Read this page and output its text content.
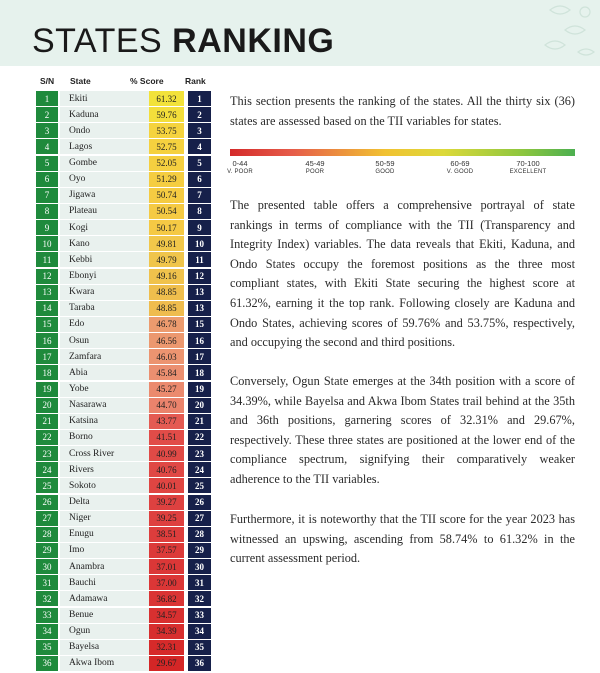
STATES RANKING
S/N State	% Score	Rank
1	Ekiti	61.32	1
2	Kaduna	59.76	2
3	Ondo	53.75	3
4	Lagos	52.75	4
5	Gombe	52.05	5
6	Oyo	51.29	6
7	Jigawa	50.74	7
8	Plateau	50.54	8
9	Kogi	50.17	9
10	Kano	49.81	10
11	Kebbi	49.79	11
12	Ebonyi	49.16	12
13	Kwara	48.85	13
14	Taraba	48.85	13
15	Edo	46.78	15
16	Osun	46.56	16
17	Zamfara	46.03	17
18	Abia	45.84	18
19	Yobe	45.27	19
20	Nasarawa	44.70	20
21	Katsina	43.77	21
22	Borno	41.51	22
23	Cross River	40.99	23
24	Rivers	40.76	24
25	Sokoto	40.01	25
26	Delta	39.27	26
27	Niger	39.25	27
28	Enugu	38.51	28
29	Imo	37.57	29
30	Anambra	37.01	30
31	Bauchi	37.00	31
32	Adamawa	36.82	32
33	Benue	34.57	33
34	Ogun	34.39	34
35	Bayelsa	32.31	35
36	Akwa Ibom	29.67	36
This section presents the ranking of the states. All the thirty six (36) states are assessed based on the TII variables for states.
0-44
V. POOR
45-49
POOR
50-59
GOOD
60-69
V. GOOD
70-100
EXCELLENT
The presented table offers a comprehensive portrayal of state rankings in terms of compliance with the TII (Transparency and Integrity Index) variables. The data reveals that Ekiti, Kaduna, and Ondo States occupy the foremost positions as the three most compliant states, with Ekiti State securing the highest score at 61.32%, earning it the top rank. Following closely are Kaduna and Ondo States, achieving scores of 59.76% and 53.75%, respectively, and occupying the second and third positions.
Conversely, Ogun State emerges at the 34th position with a score of 34.39%, while Bayelsa and Akwa Ibom States trail behind at the 35th and 36th positions, garnering scores of 32.31% and 29.67%, respectively. These three states are positioned at the lower end of the compliance spectrum, signifying their comparatively weaker adherence to the TII variables.
Furthermore, it is noteworthy that the TII score for the year 2023 has witnessed an upswing, ascending from 58.74% to 61.32% in the current assessment period.
